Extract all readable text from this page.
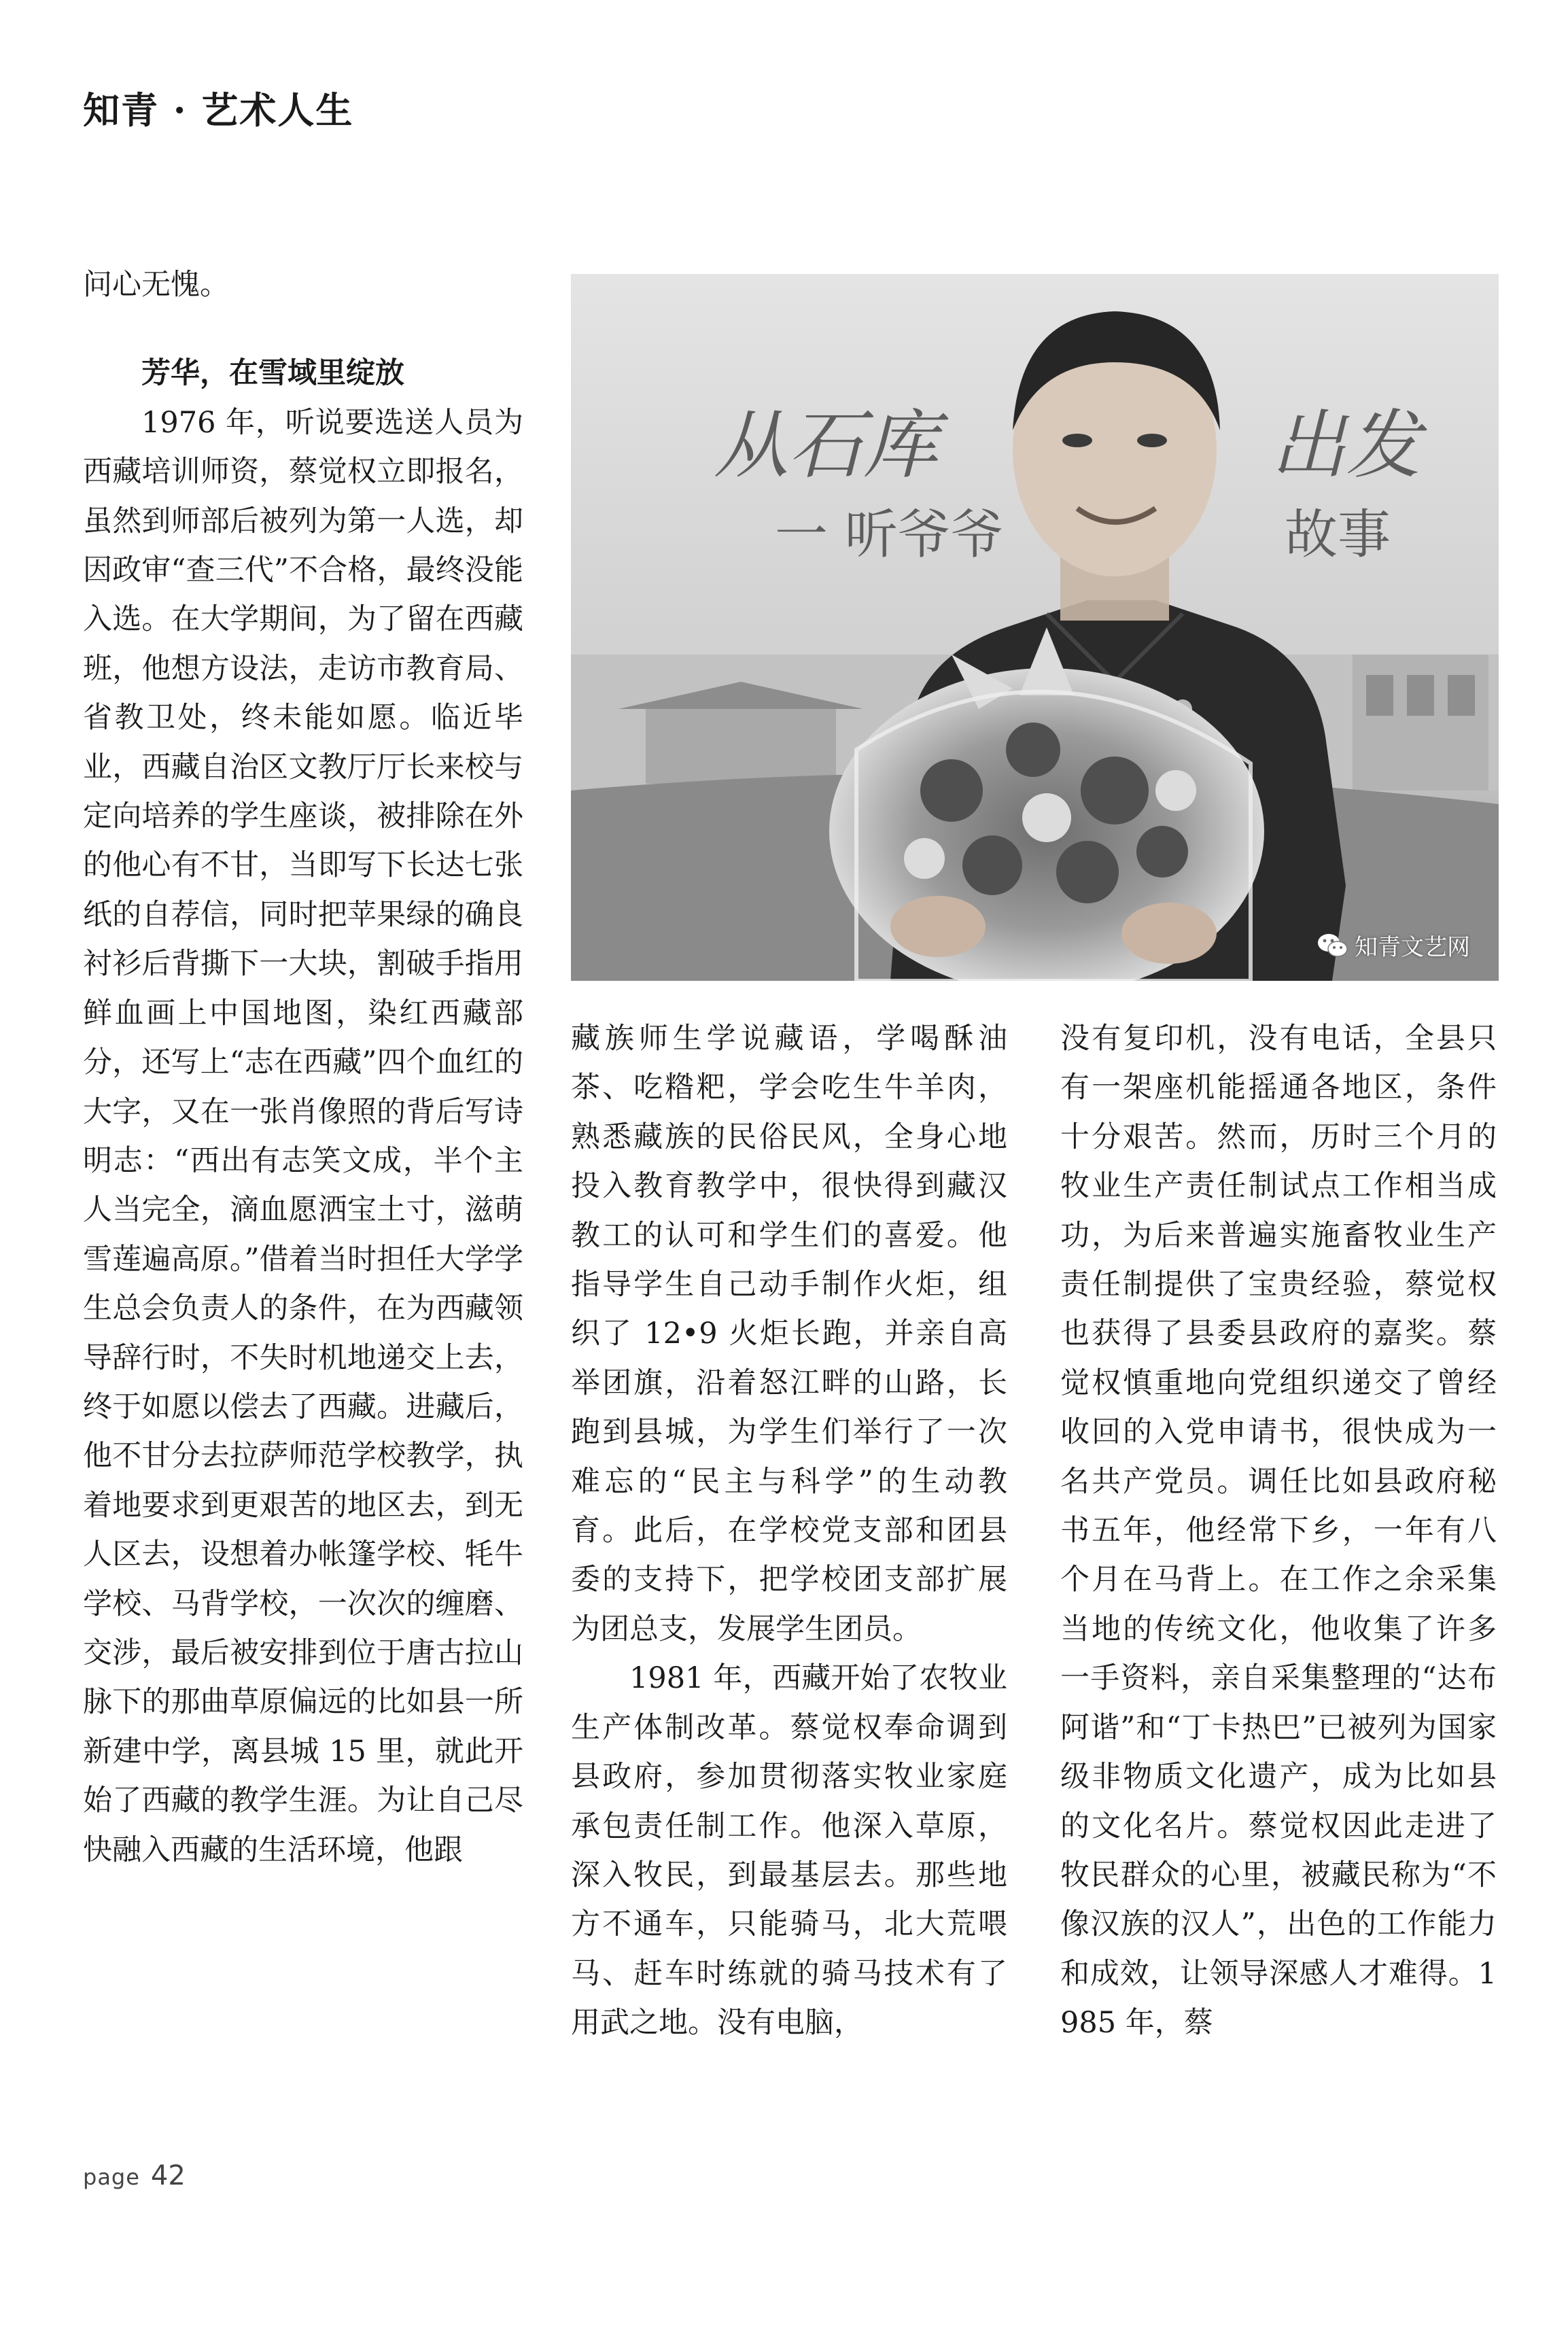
知青 · 艺术人生

问心无愧。

芳华，在雪域里绽放

1976 年，听说要选送人员为西藏培训师资，蔡觉权立即报名，虽然到师部后被列为第一人选，却因政审“查三代”不合格，最终没能入选。在大学期间，为了留在西藏班，他想方设法，走访市教育局、省教卫处，终未能如愿。临近毕业，西藏自治区文教厅厅长来校与定向培养的学生座谈，被排除在外的他心有不甘，当即写下长达七张纸的自荐信，同时把苹果绿的确良衬衫后背撕下一大块，割破手指用鲜血画上中国地图，染红西藏部分，还写上“志在西藏”四个血红的大字，又在一张肖像照的背后写诗明志：“西出有志笑文成，半个主人当完全，滴血愿洒宝土寸，滋萌雪莲遍高原。”借着当时担任大学学生总会负责人的条件，在为西藏领导辞行时，不失时机地递交上去，终于如愿以偿去了西藏。进藏后，他不甘分去拉萨师范学校教学，执着地要求到更艰苦的地区去，到无人区去，设想着办帐篷学校、牦牛学校、马背学校，一次次的缠磨、交涉，最后被安排到位于唐古拉山脉下的那曲草原偏远的比如县一所新建中学，离县城 15 里，就此开始了西藏的教学生涯。为让自己尽快融入西藏的生活环境，他跟

从石库	出发
一 听爷爷	故事
知青文艺网

藏族师生学说藏语，学喝酥油茶、吃糌粑，学会吃生牛羊肉，熟悉藏族的民俗民风，全身心地投入教育教学中，很快得到藏汉教工的认可和学生们的喜爱。他指导学生自己动手制作火炬，组织了 12•9 火炬长跑，并亲自高举团旗，沿着怒江畔的山路，长跑到县城，为学生们举行了一次难忘的“民主与科学”的生动教育。此后，在学校党支部和团县委的支持下，把学校团支部扩展为团总支，发展学生团员。

1981 年，西藏开始了农牧业生产体制改革。蔡觉权奉命调到县政府，参加贯彻落实牧业家庭承包责任制工作。他深入草原，深入牧民，到最基层去。那些地方不通车，只能骑马，北大荒喂马、赶车时练就的骑马技术有了用武之地。没有电脑，

没有复印机，没有电话，全县只有一架座机能摇通各地区，条件十分艰苦。然而，历时三个月的牧业生产责任制试点工作相当成功，为后来普遍实施畜牧业生产责任制提供了宝贵经验，蔡觉权也获得了县委县政府的嘉奖。蔡觉权慎重地向党组织递交了曾经收回的入党申请书，很快成为一名共产党员。调任比如县政府秘书五年，他经常下乡，一年有八个月在马背上。在工作之余采集当地的传统文化，他收集了许多一手资料，亲自采集整理的“达布阿谐”和“丁卡热巴”已被列为国家级非物质文化遗产，成为比如县的文化名片。蔡觉权因此走进了牧民群众的心里，被藏民称为“不像汉族的汉人”，出色的工作能力和成效，让领导深感人才难得。1985 年，蔡

page 42
